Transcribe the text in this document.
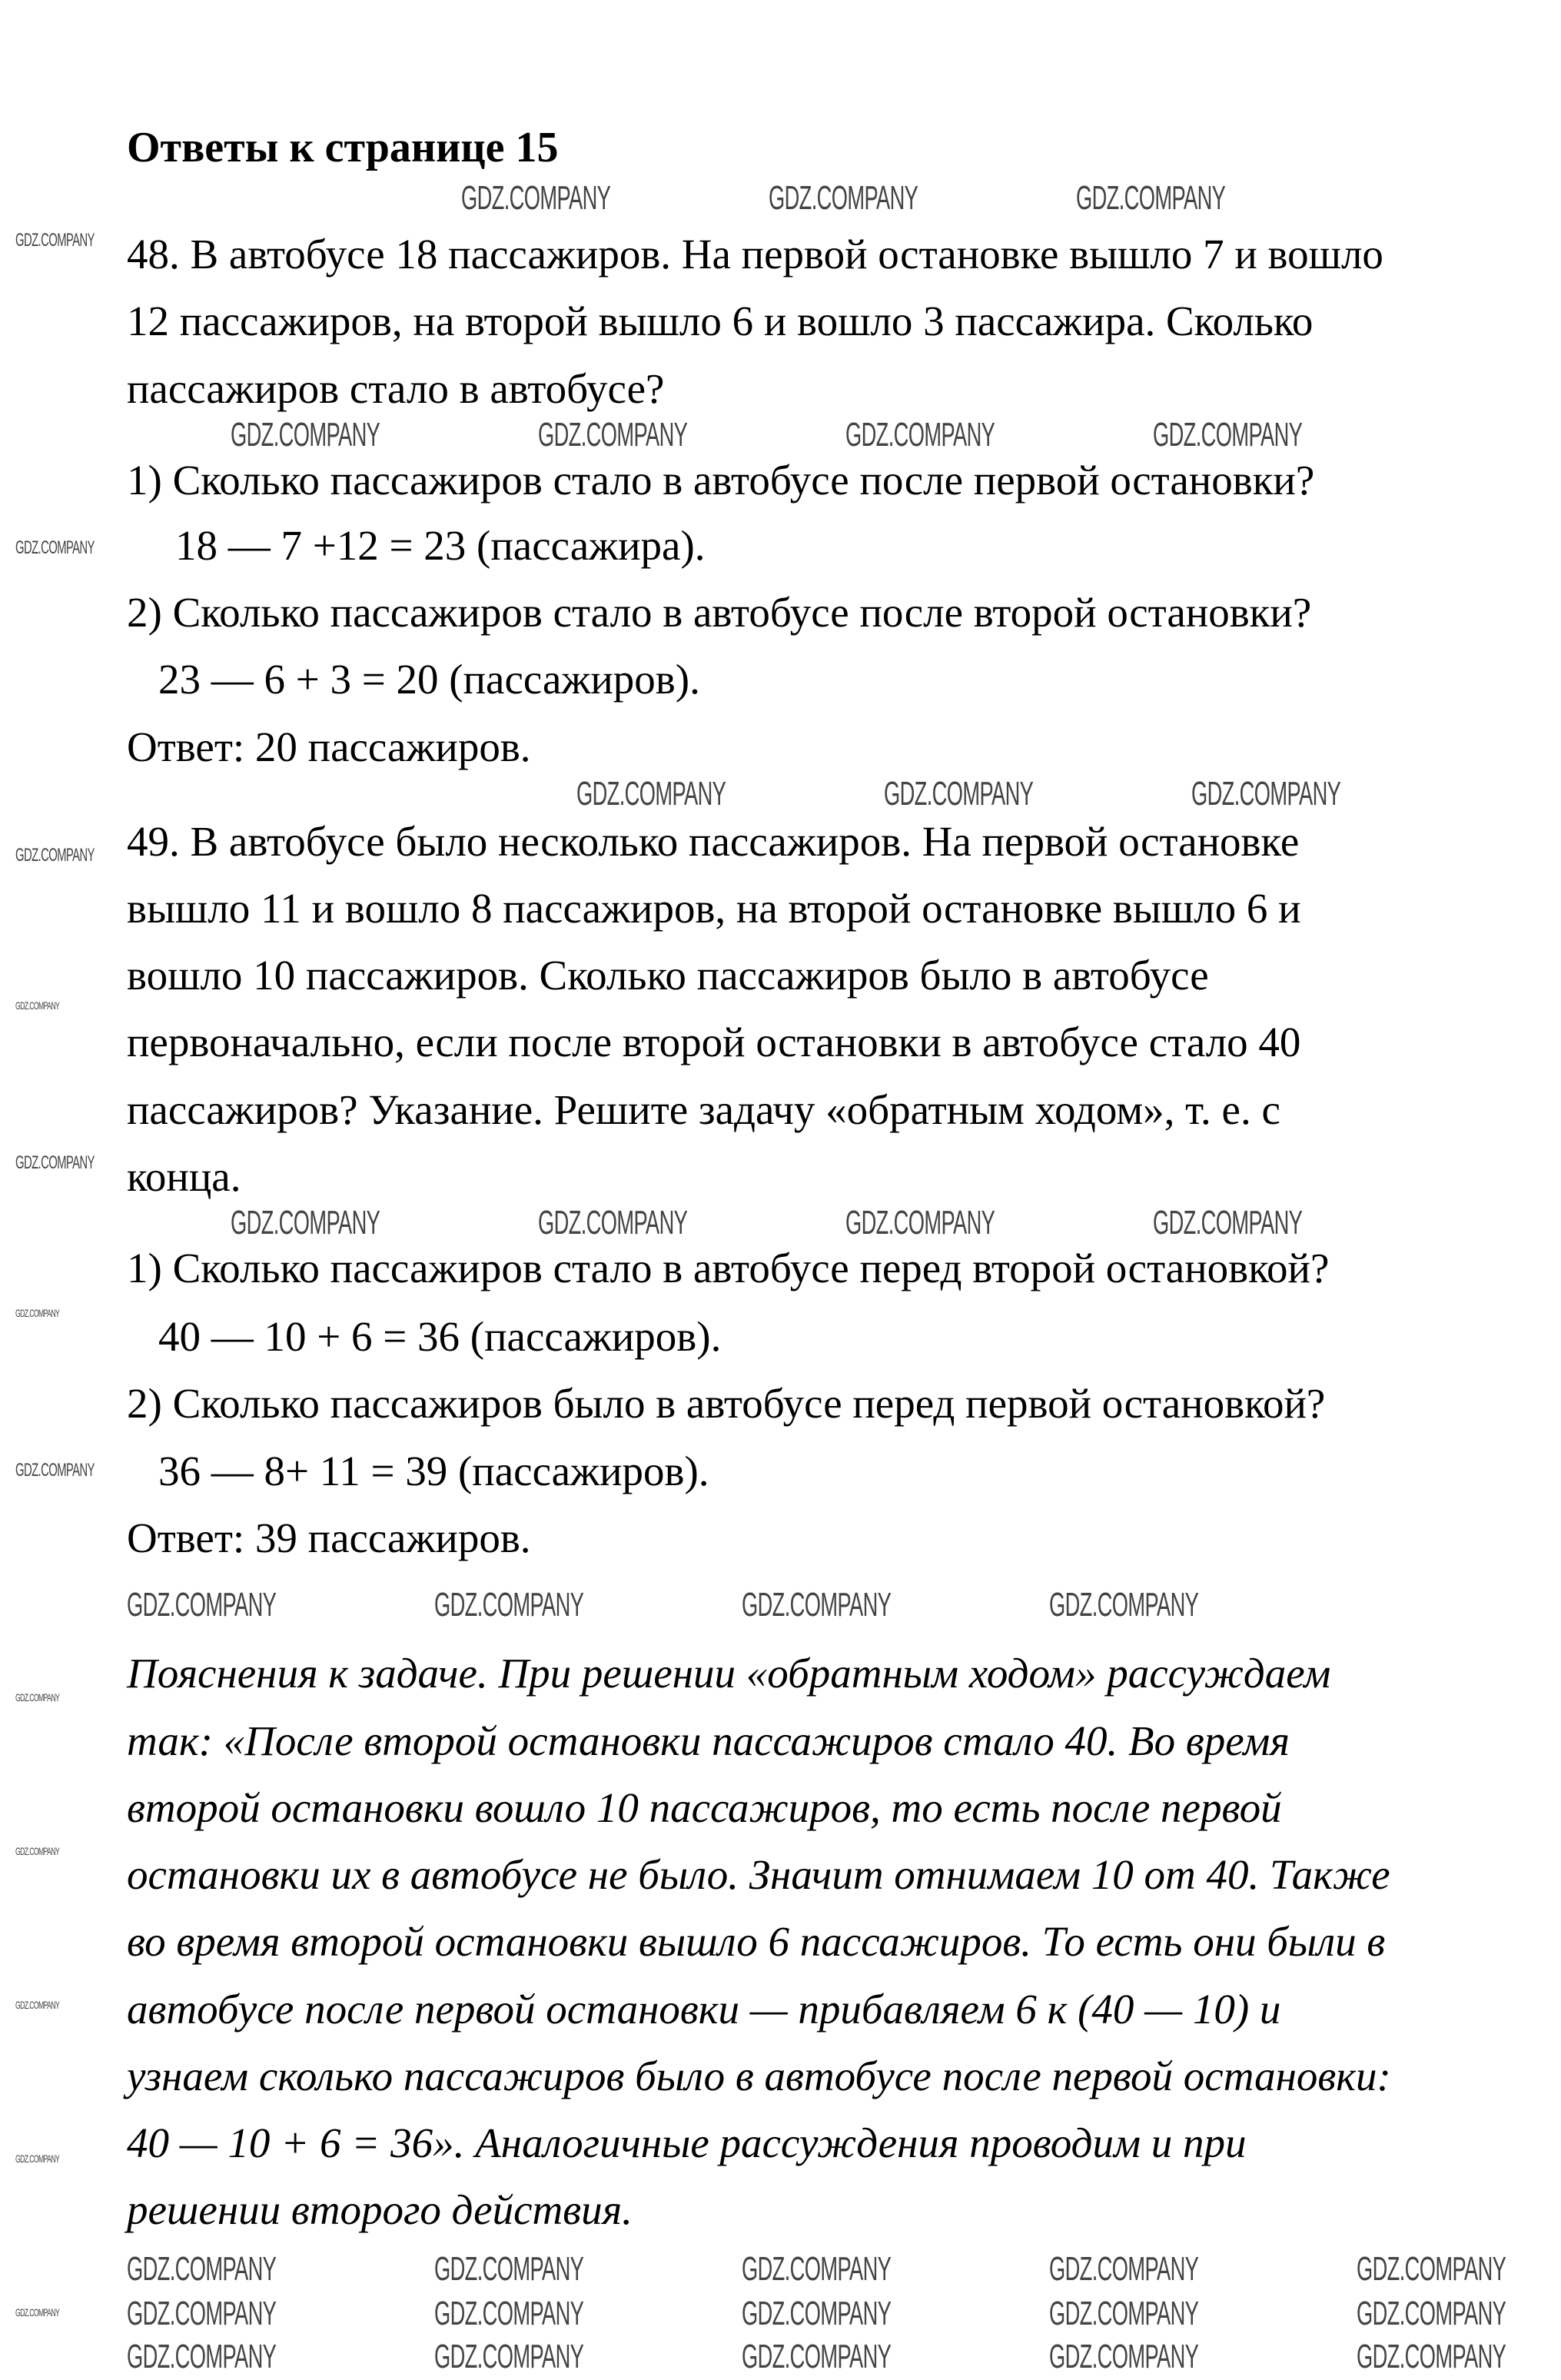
Ответы к странице 15
48. В автобусе 18 пассажиров. На первой остановке вышло 7 и вошло
12 пассажиров, на второй вышло 6 и вошло 3 пассажира. Сколько
пассажиров стало в автобусе?
1) Сколько пассажиров стало в автобусе после первой остановки?
18 — 7 +12 = 23 (пассажира).
2) Сколько пассажиров стало в автобусе после второй остановки?
23 — 6 + 3 = 20 (пассажиров).
Ответ: 20 пассажиров.
49. В автобусе было несколько пассажиров. На первой остановке
вышло 11 и вошло 8 пассажиров, на второй остановке вышло 6 и
вошло 10 пассажиров. Сколько пассажиров было в автобусе
первоначально, если после второй остановки в автобусе стало 40
пассажиров? Указание. Решите задачу «обратным ходом», т. е. с
конца.
1) Сколько пассажиров стало в автобусе перед второй остановкой?
40 — 10 + 6 = 36 (пассажиров).
2) Сколько пассажиров было в автобусе перед первой остановкой?
36 — 8+ 11 = 39 (пассажиров).
Ответ: 39 пассажиров.
Пояснения к задаче. При решении «обратным ходом» рассуждаем
так: «После второй остановки пассажиров стало 40. Во время
второй остановки вошло 10 пассажиров, то есть после первой
остановки их в автобусе не было. Значит отнимаем 10 от 40. Также
во время второй остановки вышло 6 пассажиров. То есть они были в
автобусе после первой остановки — прибавляем 6 к (40 — 10) и
узнаем сколько пассажиров было в автобусе после первой остановки:
40 — 10 + 6 = 36». Аналогичные рассуждения проводим и при
решении второго действия.
GDZ.COMPANY
GDZ.COMPANY
GDZ.COMPANY
GDZ.COMPANY
GDZ.COMPANY
GDZ.COMPANY
GDZ.COMPANY
GDZ.COMPANY
GDZ.COMPANY
GDZ.COMPANY
GDZ.COMPANY
GDZ.COMPANY
GDZ.COMPANY	GDZ.COMPANY	GDZ.COMPANY
GDZ.COMPANY	GDZ.COMPANY	GDZ.COMPANY	GDZ.COMPANY
GDZ.COMPANY	GDZ.COMPANY	GDZ.COMPANY
GDZ.COMPANY	GDZ.COMPANY	GDZ.COMPANY	GDZ.COMPANY
GDZ.COMPANY	GDZ.COMPANY	GDZ.COMPANY	GDZ.COMPANY
GDZ.COMPANY	GDZ.COMPANY	GDZ.COMPANY	GDZ.COMPANY	GDZ.COMPANY
GDZ.COMPANY	GDZ.COMPANY	GDZ.COMPANY	GDZ.COMPANY	GDZ.COMPANY
GDZ.COMPANY	GDZ.COMPANY	GDZ.COMPANY	GDZ.COMPANY	GDZ.COMPANY
